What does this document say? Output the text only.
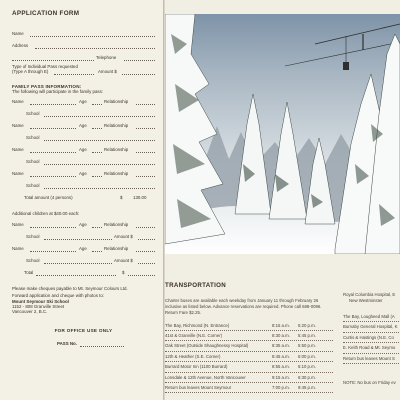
APPLICATION FORM
Name
Address
Telephone
Type of Individual Pass requested
(Type A through E)	Amount $
FAMILY PASS INFORMATION:
The following will participate in the family pass:
Name	Age	Relationship
School
Name	Age	Relationship
School
Name	Age	Relationship
School
Name	Age	Relationship
School
Total amount (4 persons)	$ 130.00
Additional children at $40.00 each:
Name	Age	Relationship
School	Amount $
Name	Age	Relationship
School	Amount $
Total	$
Please make cheques payable to Mt. Seymour Colours Ltd.
Forward application and cheque with photos to:
Mount Seymour Ski School
1152 - 808 Granville Street
Vancouver 2, B.C.
FOR OFFICE USE ONLY
PASS No.
TRANSPORTATION
Charter buses are available each weekday from January 11 through February 26 inclusive as listed below. Advance reservations are required. Phone call 688-0096. Return Fare $2.25.
The Bay, Richmond (N. Entrance)	8:15 a.m. 5:20 p.m.
41st & Granville (N.E. Corner)	8:30 a.m. 5:45 p.m.
Oak Street (Outside Shaughnessy Hospital)	8:35 a.m. 5:50 p.m.
12th & Heather (S.E. Corner)	8:45 a.m. 6:00 p.m.
Burrard Motor Inn (1100 Burrard)	8:55 a.m. 6:10 p.m.
Lonsdale & 12th Avenue, North Vancouver	9:15 a.m. 6:30 p.m.
Return bus leaves Mount Seymour	7:00 p.m. 9:45 p.m.
Royal Columbia Hospital, E
New Westminster
The Bay, Lougheed Mall (A
Burnaby General Hospital, K
Curtis & Hastings (N.E. Co
E. Keith Road & Mt. Seymo
Return bus leaves Mount S
NOTE: No bus on Friday ev
